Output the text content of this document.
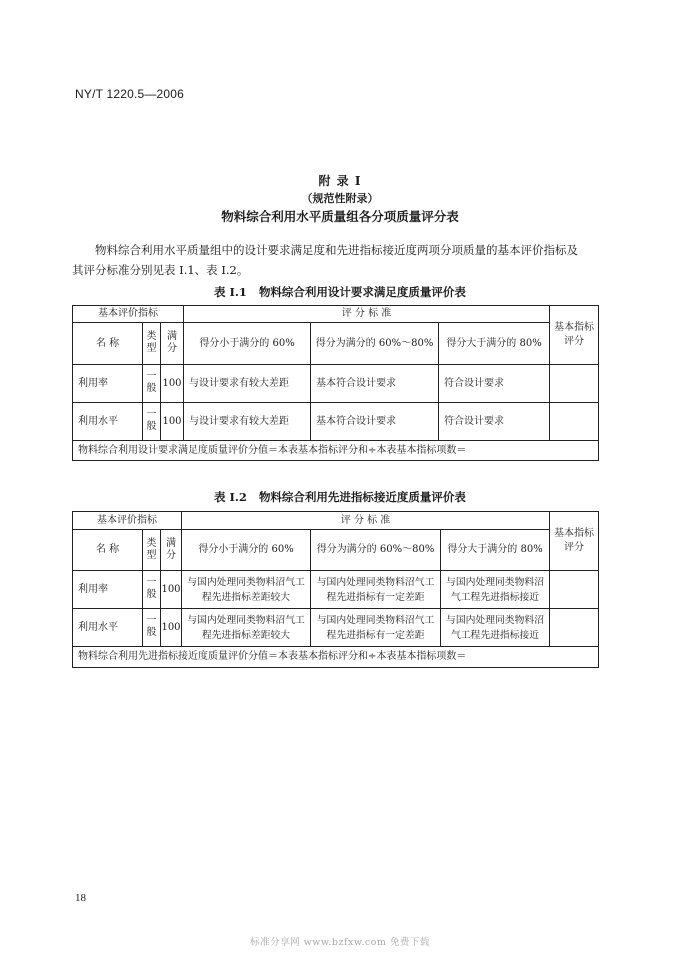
NY/T 1220.5—2006
附 录 I
（规范性附录）
物料综合利用水平质量组各分项质量评分表
物料综合利用水平质量组中的设计要求满足度和先进指标接近度两项分项质量的基本评价指标及
其评分标准分别见表 I.1、表 I.2。
表 I.1 物料综合利用设计要求满足度质量评价表
基本评价指标			评 分 标 准			基本指标评分
名 称	类型	满分	得分小于满分的 60%	得分为满分的 60%～80%	得分大于满分的 80%	
利用率	一般	100	与设计要求有较大差距	基本符合设计要求	符合设计要求	
利用水平	一般	100	与设计要求有较大差距	基本符合设计要求	符合设计要求	
物料综合利用设计要求满足度质量评价分值＝本表基本指标评分和÷本表基本指标项数＝						
表 I.2 物料综合利用先进指标接近度质量评价表
基本评价指标			评 分 标 准			基本指标评分
名 称	类型	满分	得分小于满分的 60%	得分为满分的 60%～80%	得分大于满分的 80%	
利用率	一般	100	与国内处理同类物料沼气工程先进指标差距较大	与国内处理同类物料沼气工程先进指标有一定差距	与国内处理同类物料沼气工程先进指标接近	
利用水平	一般	100	与国内处理同类物料沼气工程先进指标差距较大	与国内处理同类物料沼气工程先进指标有一定差距	与国内处理同类物料沼气工程先进指标接近	
物料综合利用先进指标接近度质量评价分值＝本表基本指标评分和÷本表基本指标项数＝						
18
标准分享网 www.bzfxw.com 免费下载
